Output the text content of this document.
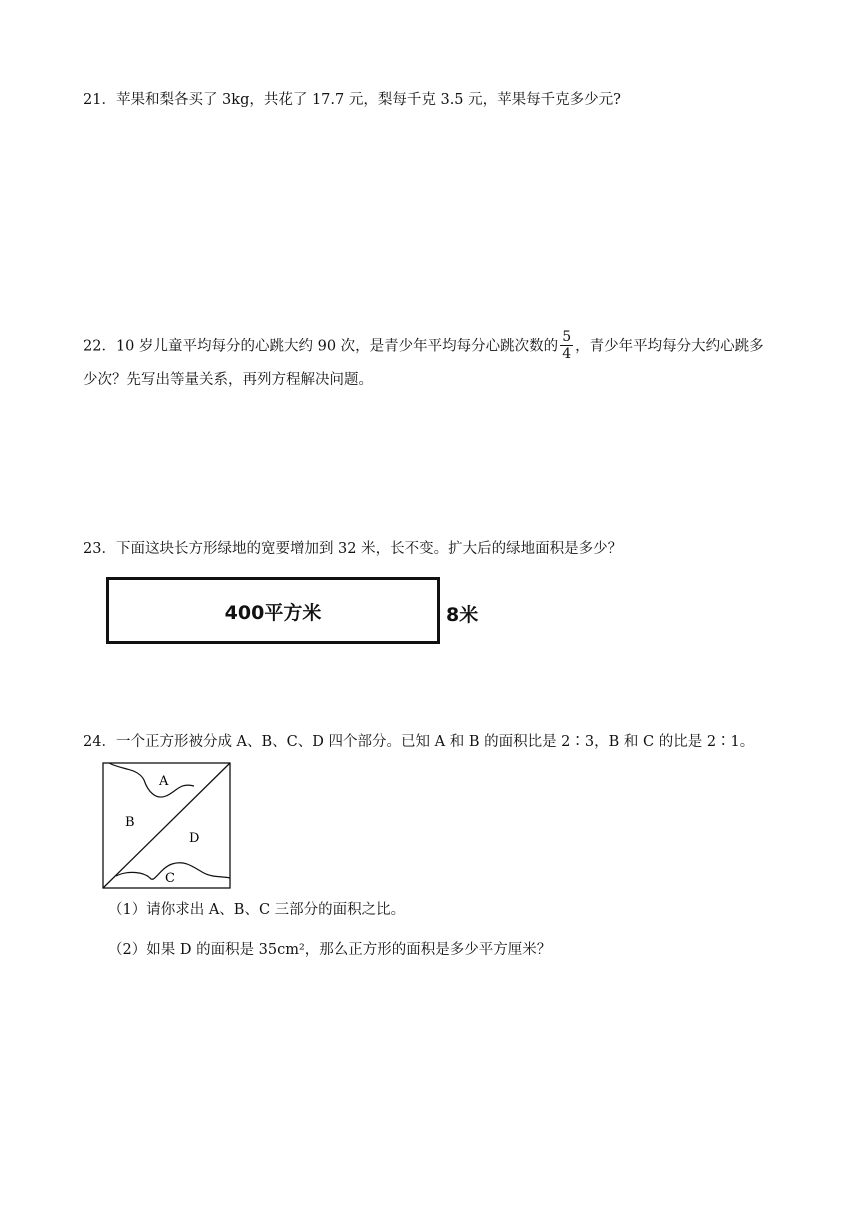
21．苹果和梨各买了 3kg，共花了 17.7 元，梨每千克 3.5 元，苹果每千克多少元?
22．10 岁儿童平均每分的心跳大约 90 次，是青少年平均每分心跳次数的 $\frac{5}{4}$ ，青少年平均每分大约心跳多
少次？先写出等量关系，再列方程解决问题。
23．下面这块长方形绿地的宽要增加到 32 米，长不变。扩大后的绿地面积是多少？
400平方米	8米
24．一个正方形被分成 A、B、C、D 四个部分。已知 A 和 B 的面积比是 2∶3，B 和 C 的比是 2∶1。
A
B
D
C
（1）请你求出 A、B、C 三部分的面积之比。
（2）如果 D 的面积是 35cm²，那么正方形的面积是多少平方厘米？
